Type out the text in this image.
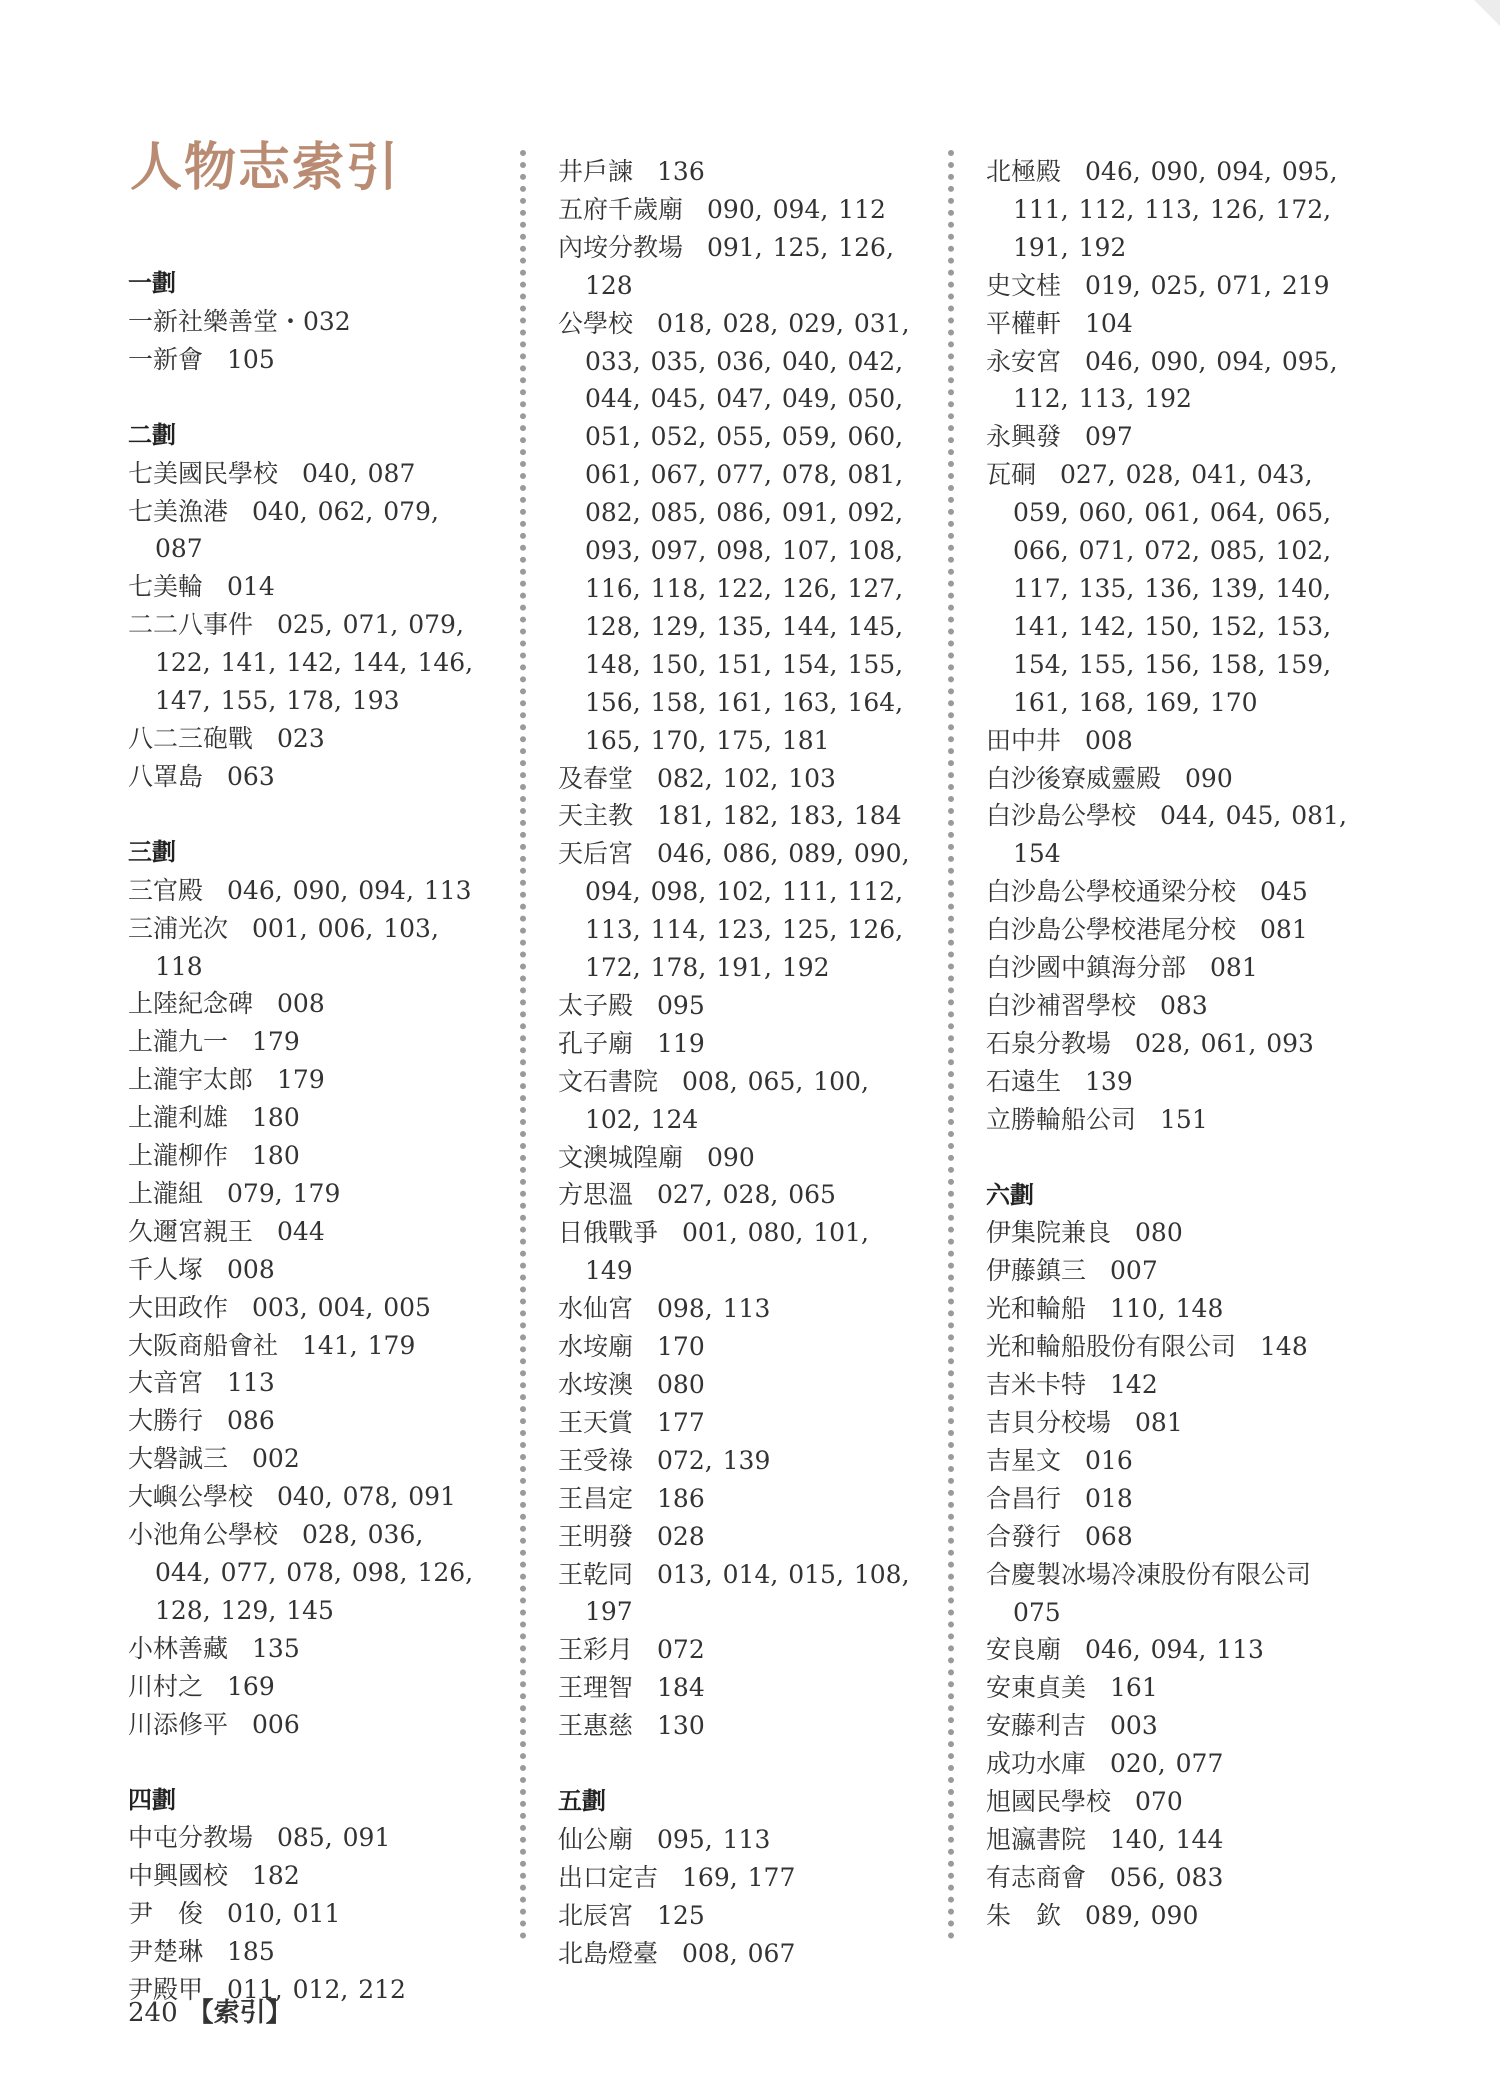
人物志索引
一劃
一新社樂善堂・032
一新會 105
二劃
七美國民學校 040, 087
七美漁港 040, 062, 079, 087
七美輪 014
二二八事件 025, 071, 079, 122, 141, 142, 144, 146, 147, 155, 178, 193
八二三砲戰 023
八罩島 063
三劃
三官殿 046, 090, 094, 113
三浦光次 001, 006, 103, 118
上陸紀念碑 008
上瀧九一 179
上瀧宇太郎 179
上瀧利雄 180
上瀧柳作 180
上瀧組 079, 179
久邇宮親王 044
千人塚 008
大田政作 003, 004, 005
大阪商船會社 141, 179
大音宮 113
大勝行 086
大磐誠三 002
大嶼公學校 040, 078, 091
小池角公學校 028, 036, 044, 077, 078, 098, 126, 128, 129, 145
小林善藏 135
川村之 169
川添修平 006
四劃
中屯分教場 085, 091
中興國校 182
尹　俊 010, 011
尹楚琳 185
尹殿甲 011, 012, 212
井戶諫 136
五府千歲廟 090, 094, 112
內垵分教場 091, 125, 126, 128
公學校 018, 028, 029, 031, 033, 035, 036, 040, 042, 044, 045, 047, 049, 050, 051, 052, 055, 059, 060, 061, 067, 077, 078, 081, 082, 085, 086, 091, 092, 093, 097, 098, 107, 108, 116, 118, 122, 126, 127, 128, 129, 135, 144, 145, 148, 150, 151, 154, 155, 156, 158, 161, 163, 164, 165, 170, 175, 181
及春堂 082, 102, 103
天主教 181, 182, 183, 184
天后宮 046, 086, 089, 090, 094, 098, 102, 111, 112, 113, 114, 123, 125, 126, 172, 178, 191, 192
太子殿 095
孔子廟 119
文石書院 008, 065, 100, 102, 124
文澳城隍廟 090
方思溫 027, 028, 065
日俄戰爭 001, 080, 101, 149
水仙宮 098, 113
水垵廟 170
水垵澳 080
王天賞 177
王受祿 072, 139
王昌定 186
王明發 028
王乾同 013, 014, 015, 108, 197
王彩月 072
王理智 184
王惠慈 130
五劃
仙公廟 095, 113
出口定吉 169, 177
北辰宮 125
北島燈臺 008, 067
北極殿 046, 090, 094, 095, 111, 112, 113, 126, 172, 191, 192
史文桂 019, 025, 071, 219
平權軒 104
永安宮 046, 090, 094, 095, 112, 113, 192
永興發 097
瓦硐 027, 028, 041, 043, 059, 060, 061, 064, 065, 066, 071, 072, 085, 102, 117, 135, 136, 139, 140, 141, 142, 150, 152, 153, 154, 155, 156, 158, 159, 161, 168, 169, 170
田中井 008
白沙後寮威靈殿 090
白沙島公學校 044, 045, 081, 154
白沙島公學校通梁分校 045
白沙島公學校港尾分校 081
白沙國中鎮海分部 081
白沙補習學校 083
石泉分教場 028, 061, 093
石遠生 139
立勝輪船公司 151
六劃
伊集院兼良 080
伊藤鎮三 007
光和輪船 110, 148
光和輪船股份有限公司 148
吉米卡特 142
吉貝分校場 081
吉星文 016
合昌行 018
合發行 068
合慶製冰場冷凍股份有限公司075
安良廟 046, 094, 113
安東貞美 161
安藤利吉 003
成功水庫 020, 077
旭國民學校 070
旭瀛書院 140, 144
有志商會 056, 083
朱　欽 089, 090
240 【索引】
